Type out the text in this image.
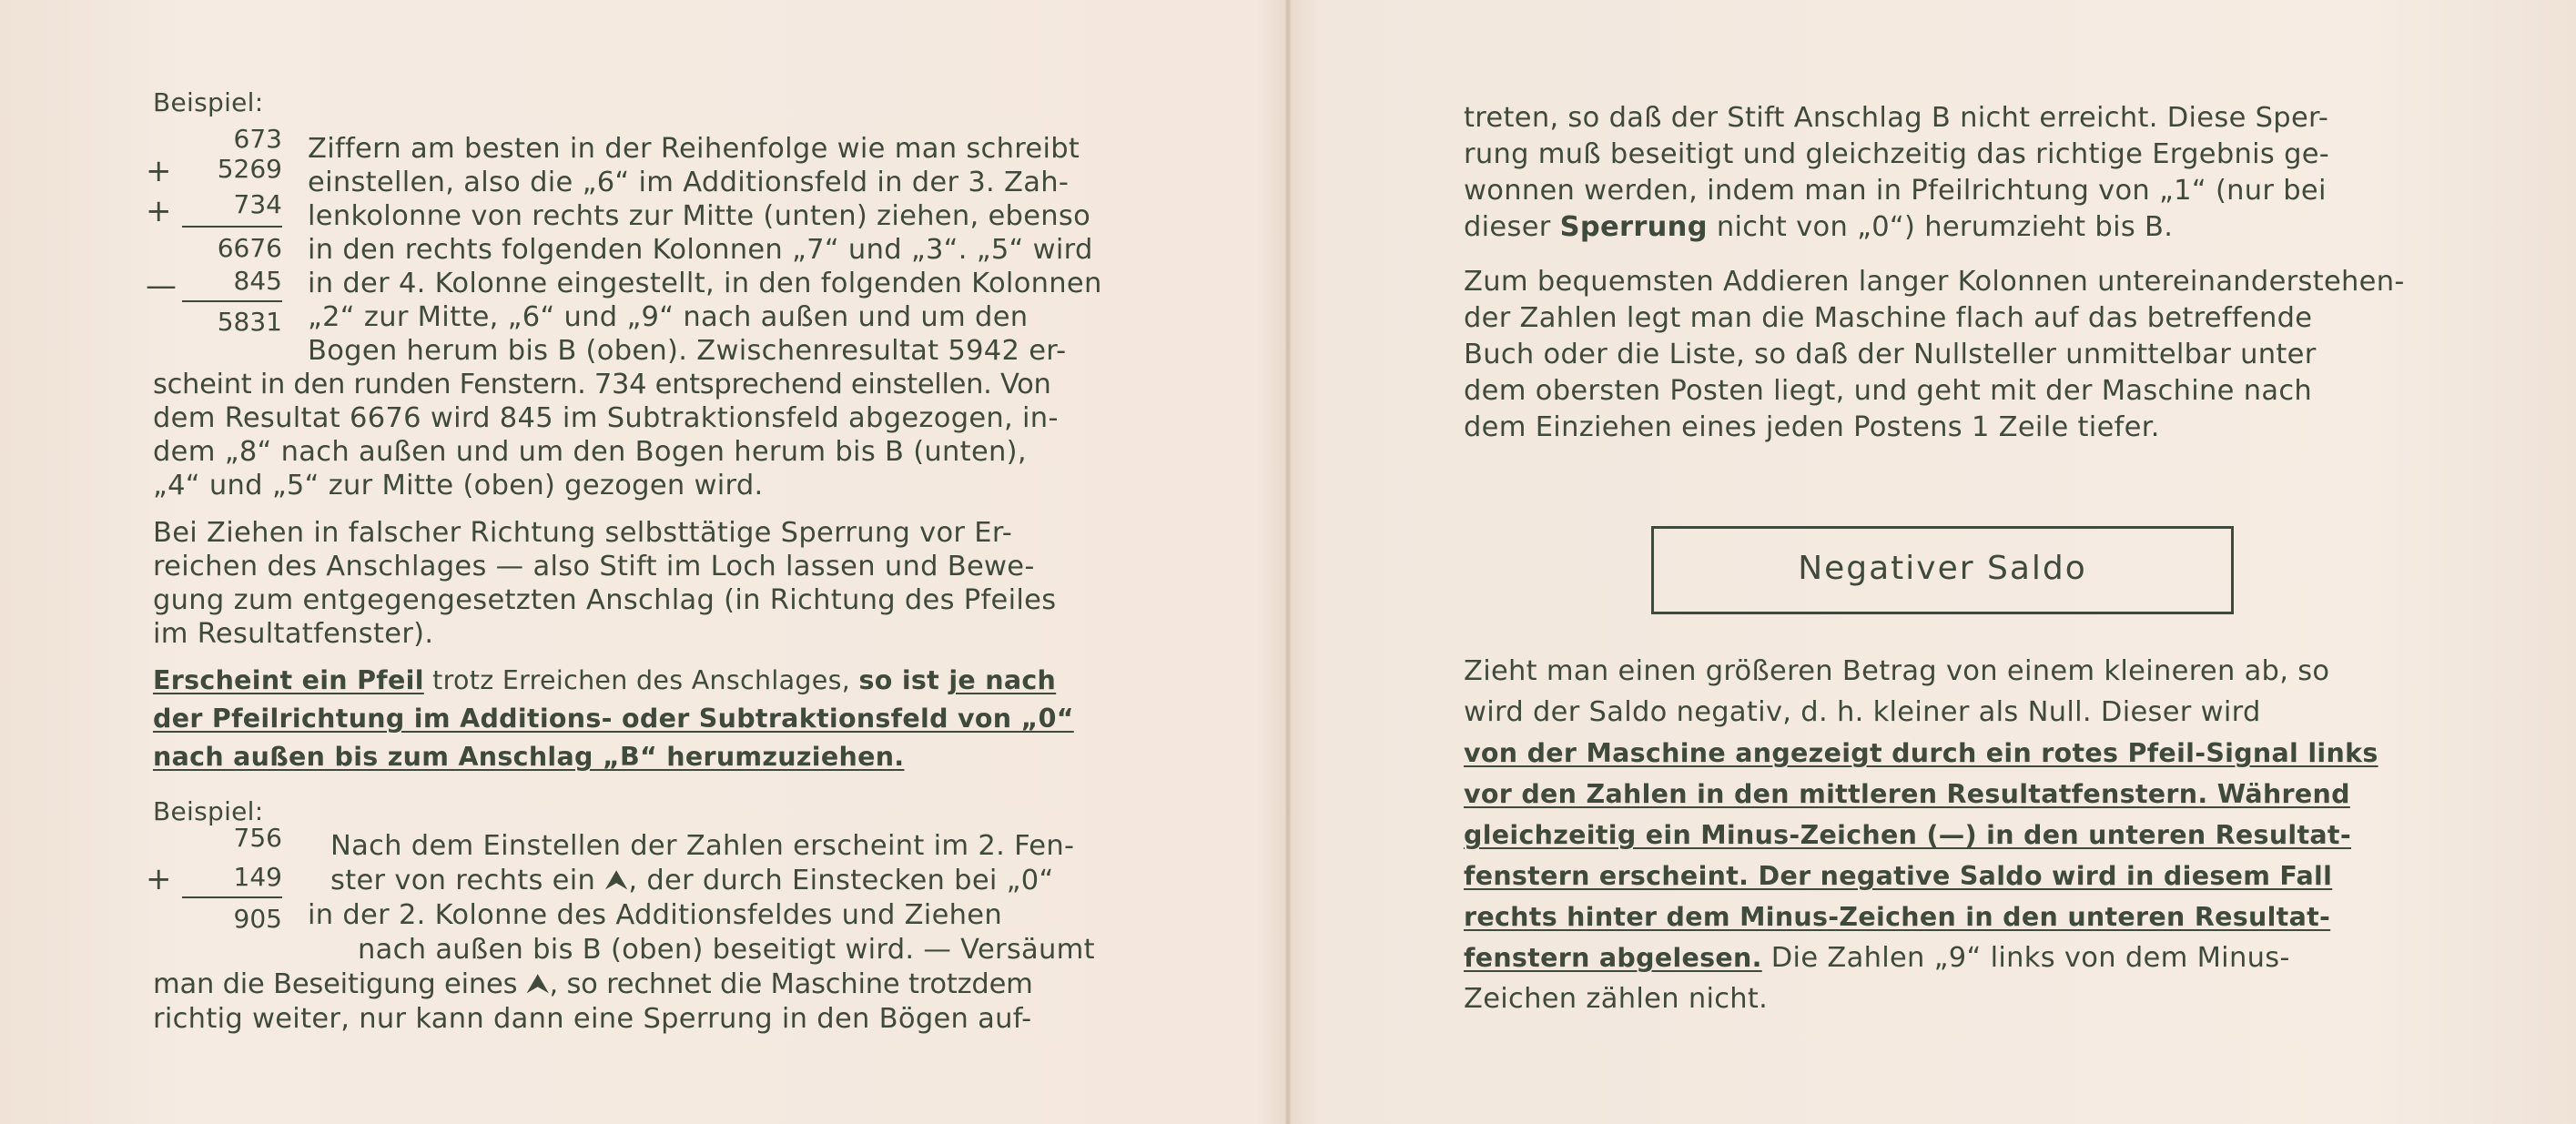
Beispiel:
673
+	5269
+	734
6676
—	845
5831
Ziffern am besten in der Reihenfolge wie man schreibt
einstellen, also die „6“ im Additionsfeld in der 3. Zah-
lenkolonne von rechts zur Mitte (unten) ziehen, ebenso
in den rechts folgenden Kolonnen „7“ und „3“. „5“ wird
in der 4. Kolonne eingestellt, in den folgenden Kolonnen
„2“ zur Mitte, „6“ und „9“ nach außen und um den
Bogen herum bis B (oben). Zwischenresultat 5942 er-
scheint in den runden Fenstern. 734 entsprechend einstellen. Von
dem Resultat 6676 wird 845 im Subtraktionsfeld abgezogen, in-
dem „8“ nach außen und um den Bogen herum bis B (unten),
„4“ und „5“ zur Mitte (oben) gezogen wird.
Bei Ziehen in falscher Richtung selbsttätige Sperrung vor Er-
reichen des Anschlages — also Stift im Loch lassen und Bewe-
gung zum entgegengesetzten Anschlag (in Richtung des Pfeiles
im Resultatfenster).
Erscheint ein Pfeil trotz Erreichen des Anschlages, so ist je nach
der Pfeilrichtung im Additions- oder Subtraktionsfeld von „0“
nach außen bis zum Anschlag „B“ herumzuziehen.
Beispiel:
756
+	149
905
Nach dem Einstellen der Zahlen erscheint im 2. Fen-
ster von rechts ein ⮝, der durch Einstecken bei „0“
in der 2. Kolonne des Additionsfeldes und Ziehen
nach außen bis B (oben) beseitigt wird. — Versäumt
man die Beseitigung eines ⮝, so rechnet die Maschine trotzdem
richtig weiter, nur kann dann eine Sperrung in den Bögen auf-
treten, so daß der Stift Anschlag B nicht erreicht. Diese Sper-
rung muß beseitigt und gleichzeitig das richtige Ergebnis ge-
wonnen werden, indem man in Pfeilrichtung von „1“ (nur bei
dieser Sperrung nicht von „0“) herumzieht bis B.
Zum bequemsten Addieren langer Kolonnen untereinanderstehen-
der Zahlen legt man die Maschine flach auf das betreffende
Buch oder die Liste, so daß der Nullsteller unmittelbar unter
dem obersten Posten liegt, und geht mit der Maschine nach
dem Einziehen eines jeden Postens 1 Zeile tiefer.
Negativer Saldo
Zieht man einen größeren Betrag von einem kleineren ab, so
wird der Saldo negativ, d. h. kleiner als Null. Dieser wird
von der Maschine angezeigt durch ein rotes Pfeil-Signal links
vor den Zahlen in den mittleren Resultatfenstern. Während
gleichzeitig ein Minus-Zeichen (—) in den unteren Resultat-
fenstern erscheint. Der negative Saldo wird in diesem Fall
rechts hinter dem Minus-Zeichen in den unteren Resultat-
fenstern abgelesen. Die Zahlen „9“ links von dem Minus-
Zeichen zählen nicht.
